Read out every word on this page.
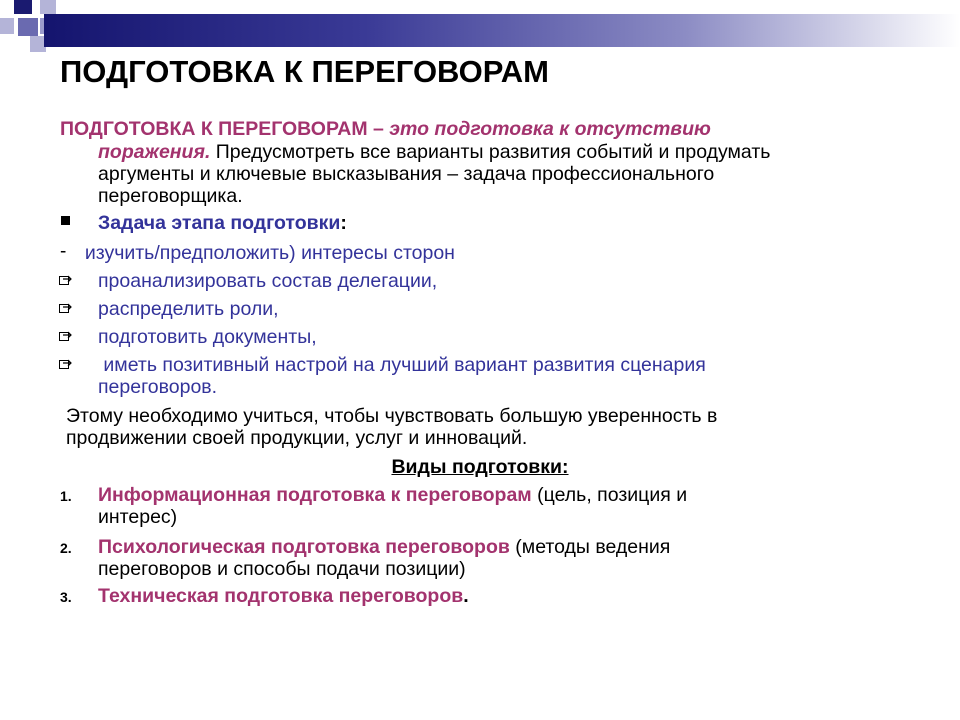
ПОДГОТОВКА К ПЕРЕГОВОРАМ
ПОДГОТОВКА К ПЕРЕГОВОРАМ – это подготовка к отсутствию
поражения. Предусмотреть все варианты развития событий и продумать
аргументы и ключевые высказывания – задача профессионального
переговорщика.
Задача этапа подготовки:
- изучить/предположить) интересы сторон
проанализировать состав делегации,
распределить роли,
подготовить документы,
иметь позитивный настрой на лучший вариант развития сценария
переговоров.
Этому необходимо учиться, чтобы чувствовать большую уверенность в
продвижении своей продукции, услуг и инноваций.
Виды подготовки:
1. Информационная подготовка к переговорам (цель, позиция и
интерес)
2. Психологическая подготовка переговоров (методы ведения
переговоров и способы подачи позиции)
3. Техническая подготовка переговоров.
